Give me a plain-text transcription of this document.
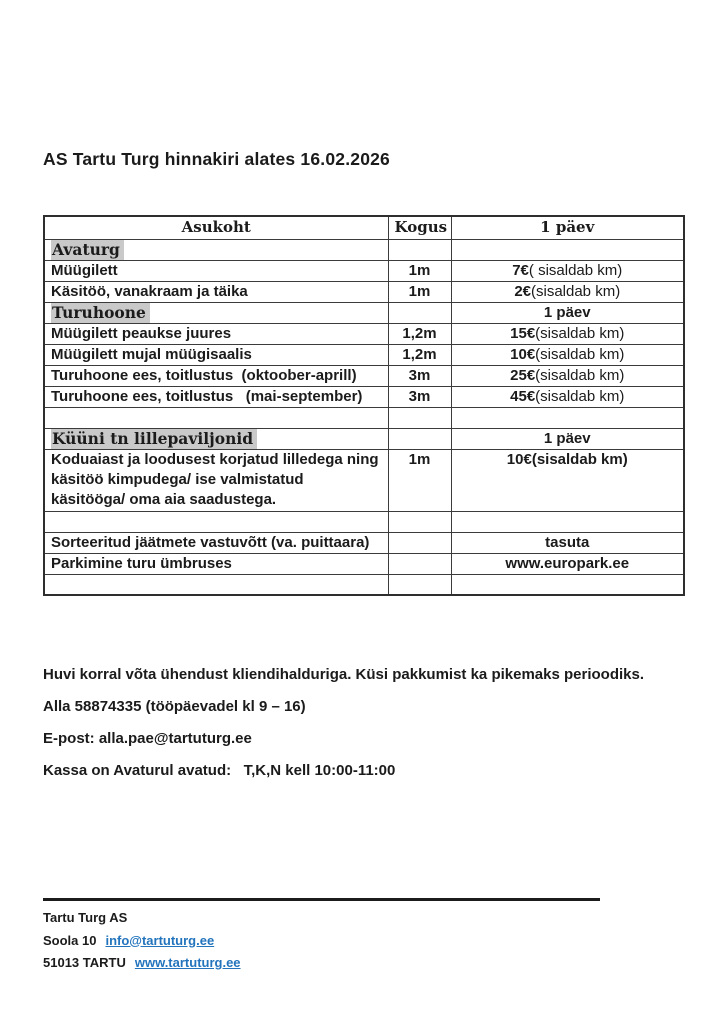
AS Tartu Turg hinnakiri alates 16.02.2026
Asukoht	Kogus	1 päev
Avaturg		
Müügilett	1m	7€( sisaldab km)
Käsitöö, vanakraam ja täika	1m	2€(sisaldab km)
Turuhoone		1 päev
Müügilett peaukse juures	1,2m	15€(sisaldab km)
Müügilett mujal müügisaalis	1,2m	10€(sisaldab km)
Turuhoone ees, toitlustus  (oktoober-aprill)	3m	25€(sisaldab km)
Turuhoone ees, toitlustus   (mai-september)	3m	45€(sisaldab km)

Küüni tn lillepaviljonid		1 päev
Koduaiast ja loodusest korjatud lilledega ning käsitöö kimpudega/ ise valmistatud käsitööga/ oma aia saadustega.	1m	10€(sisaldab km)

Sorteeritud jäätmete vastuvõtt (va. puittaara)		tasuta
Parkimine turu ümbruses		www.europark.ee

Huvi korral võta ühendust kliendihalduriga. Küsi pakkumist ka pikemaks perioodiks.

Alla 58874335 (tööpäevadel kl 9 – 16)

E-post: alla.pae@tartuturg.ee

Kassa on Avaturul avatud:   T,K,N kell 10:00-11:00

Tartu Turg AS
Soola 10 info@tartuturg.ee
51013 TARTU www.tartuturg.ee
